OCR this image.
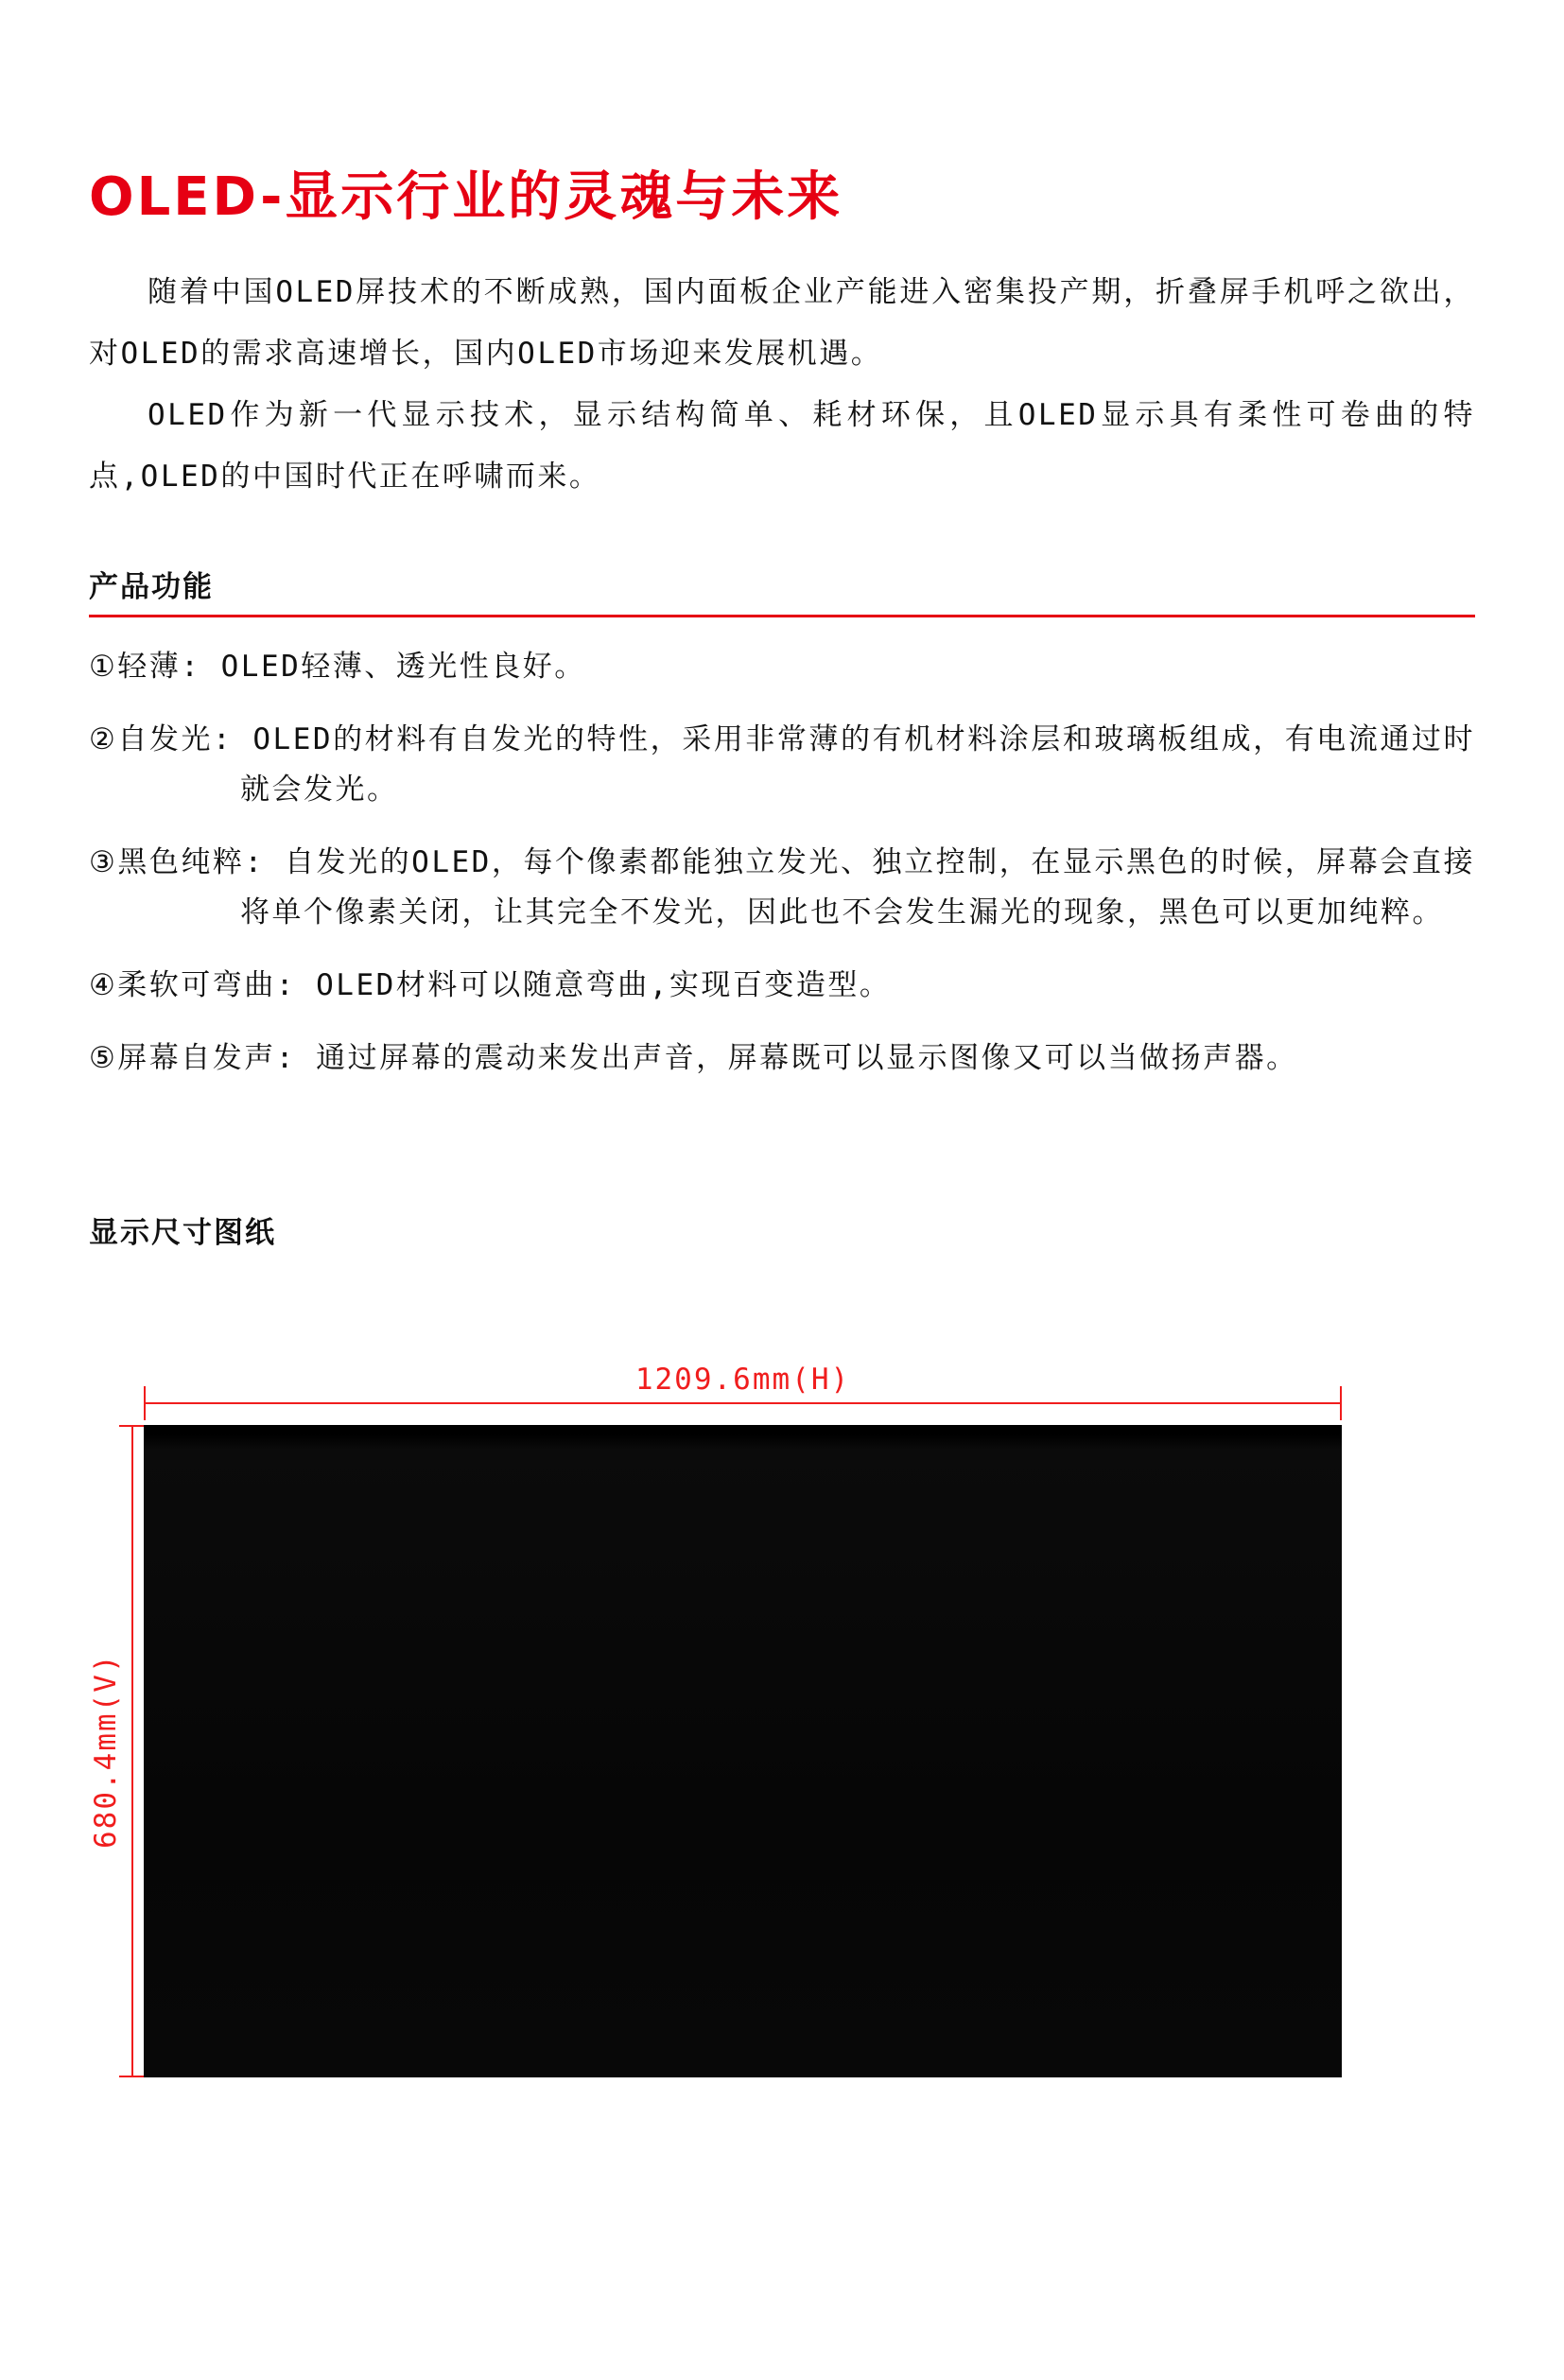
OLED-显示行业的灵魂与未来

随着中国OLED屏技术的不断成熟，国内面板企业产能进入密集投产期，折叠屏手机呼之欲出，对OLED的需求高速增长，国内OLED市场迎来发展机遇。

OLED作为新一代显示技术，显示结构简单、耗材环保，且OLED显示具有柔性可卷曲的特点,OLED的中国时代正在呼啸而来。

产品功能

①轻薄: OLED轻薄、透光性良好。

②自发光: OLED的材料有自发光的特性，采用非常薄的有机材料涂层和玻璃板组成，有电流通过时就会发光。

③黑色纯粹: 自发光的OLED，每个像素都能独立发光、独立控制，在显示黑色的时候，屏幕会直接将单个像素关闭，让其完全不发光，因此也不会发生漏光的现象，黑色可以更加纯粹。

④柔软可弯曲: OLED材料可以随意弯曲,实现百变造型。

⑤屏幕自发声: 通过屏幕的震动来发出声音，屏幕既可以显示图像又可以当做扬声器。

显示尺寸图纸
1209.6mm(H)
680.4mm(V)
